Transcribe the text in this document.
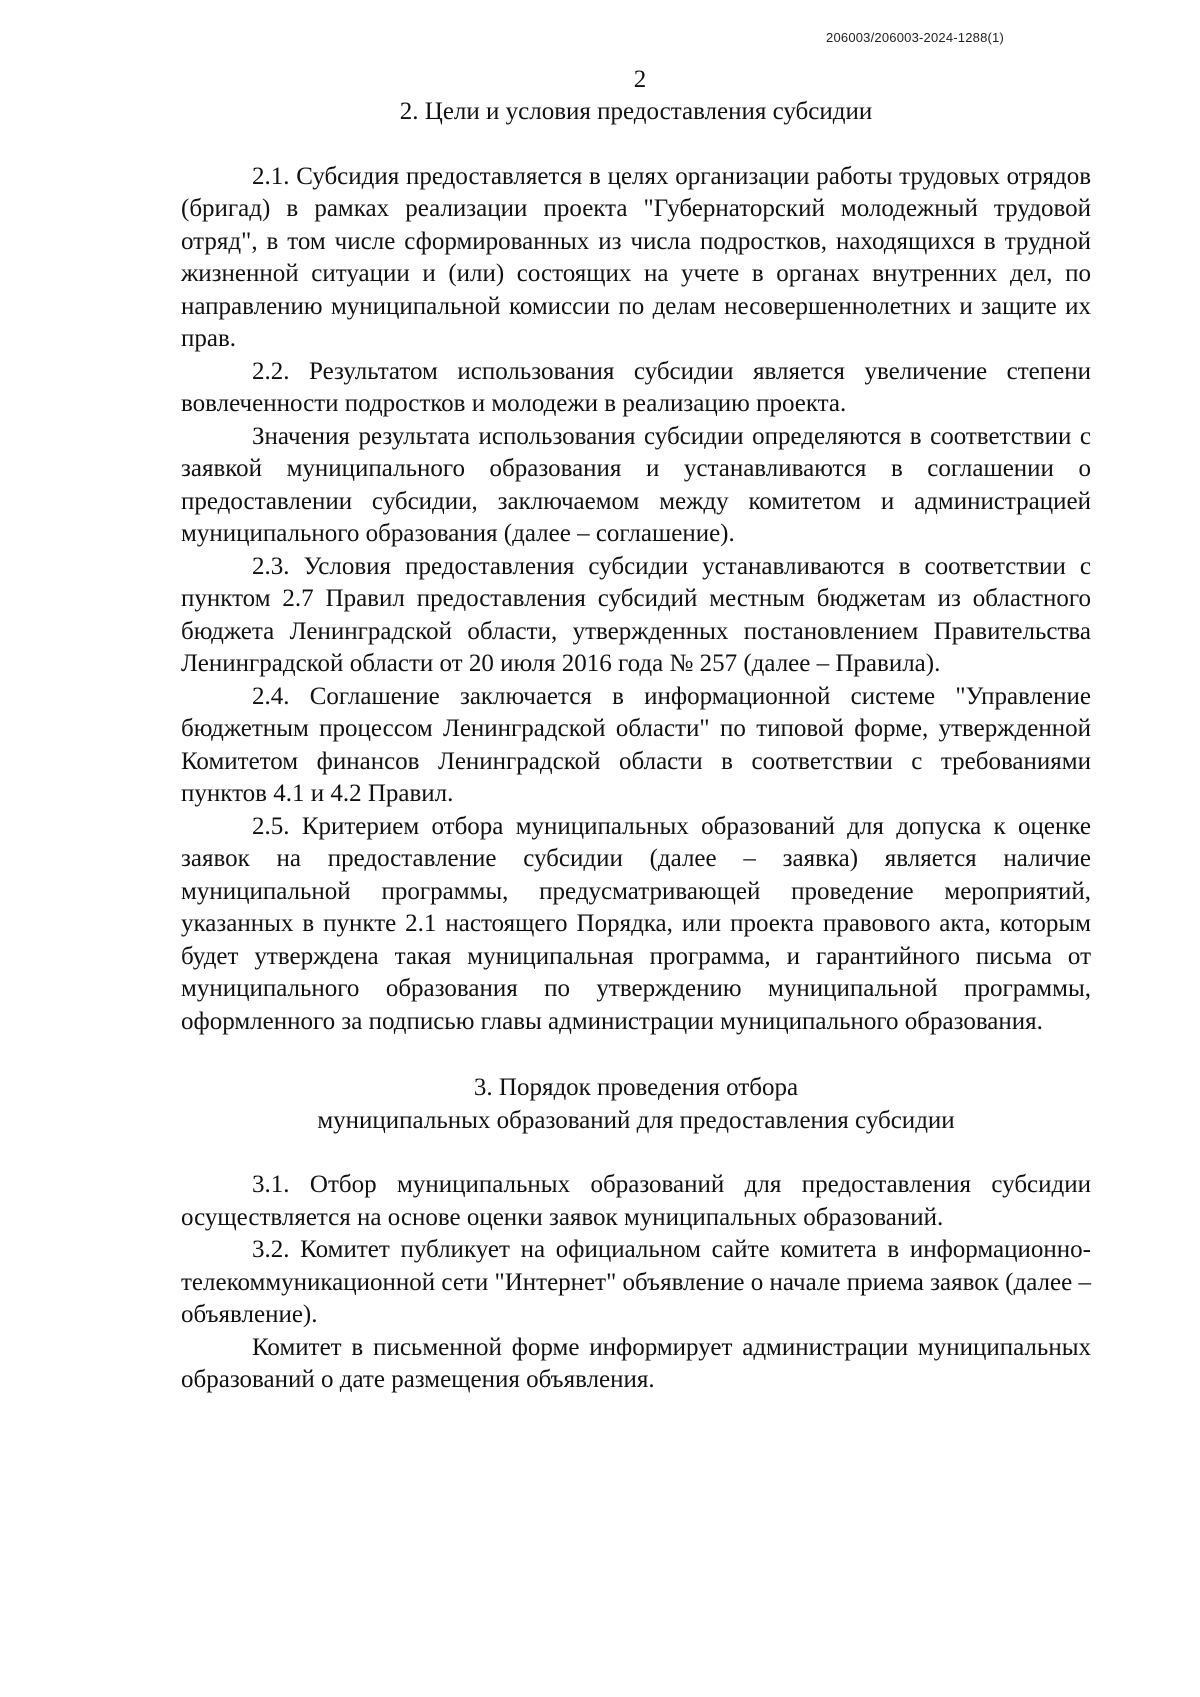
206003/206003-2024-1288(1)
2
2. Цели и условия предоставления субсидии

2.1. Субсидия предоставляется в целях организации работы трудовых отрядов (бригад) в рамках реализации проекта "Губернаторский молодежный трудовой отряд", в том числе сформированных из числа подростков, находящихся в трудной жизненной ситуации и (или) состоящих на учете в органах внутренних дел, по направлению муниципальной комиссии по делам несовершеннолетних и защите их прав.

2.2. Результатом использования субсидии является увеличение степени вовлеченности подростков и молодежи в реализацию проекта.

Значения результата использования субсидии определяются в соответствии с заявкой муниципального образования и устанавливаются в соглашении о предоставлении субсидии, заключаемом между комитетом и администрацией муниципального образования (далее – соглашение).

2.3. Условия предоставления субсидии устанавливаются в соответствии с пунктом 2.7 Правил предоставления субсидий местным бюджетам из областного бюджета Ленинградской области, утвержденных постановлением Правительства Ленинградской области от 20 июля 2016 года № 257 (далее – Правила).

2.4. Соглашение заключается в информационной системе "Управление бюджетным процессом Ленинградской области" по типовой форме, утвержденной Комитетом финансов Ленинградской области в соответствии с требованиями пунктов 4.1 и 4.2 Правил.

2.5. Критерием отбора муниципальных образований для допуска к оценке заявок на предоставление субсидии (далее – заявка) является наличие муниципальной программы, предусматривающей проведение мероприятий, указанных в пункте 2.1 настоящего Порядка, или проекта правового акта, которым будет утверждена такая муниципальная программа, и гарантийного письма от муниципального образования по утверждению муниципальной программы, оформленного за подписью главы администрации муниципального образования.

3. Порядок проведения отбора
муниципальных образований для предоставления субсидии

3.1. Отбор муниципальных образований для предоставления субсидии осуществляется на основе оценки заявок муниципальных образований.

3.2. Комитет публикует на официальном сайте комитета в информационно-телекоммуникационной сети "Интернет" объявление о начале приема заявок (далее – объявление).

Комитет в письменной форме информирует администрации муниципальных образований о дате размещения объявления.
